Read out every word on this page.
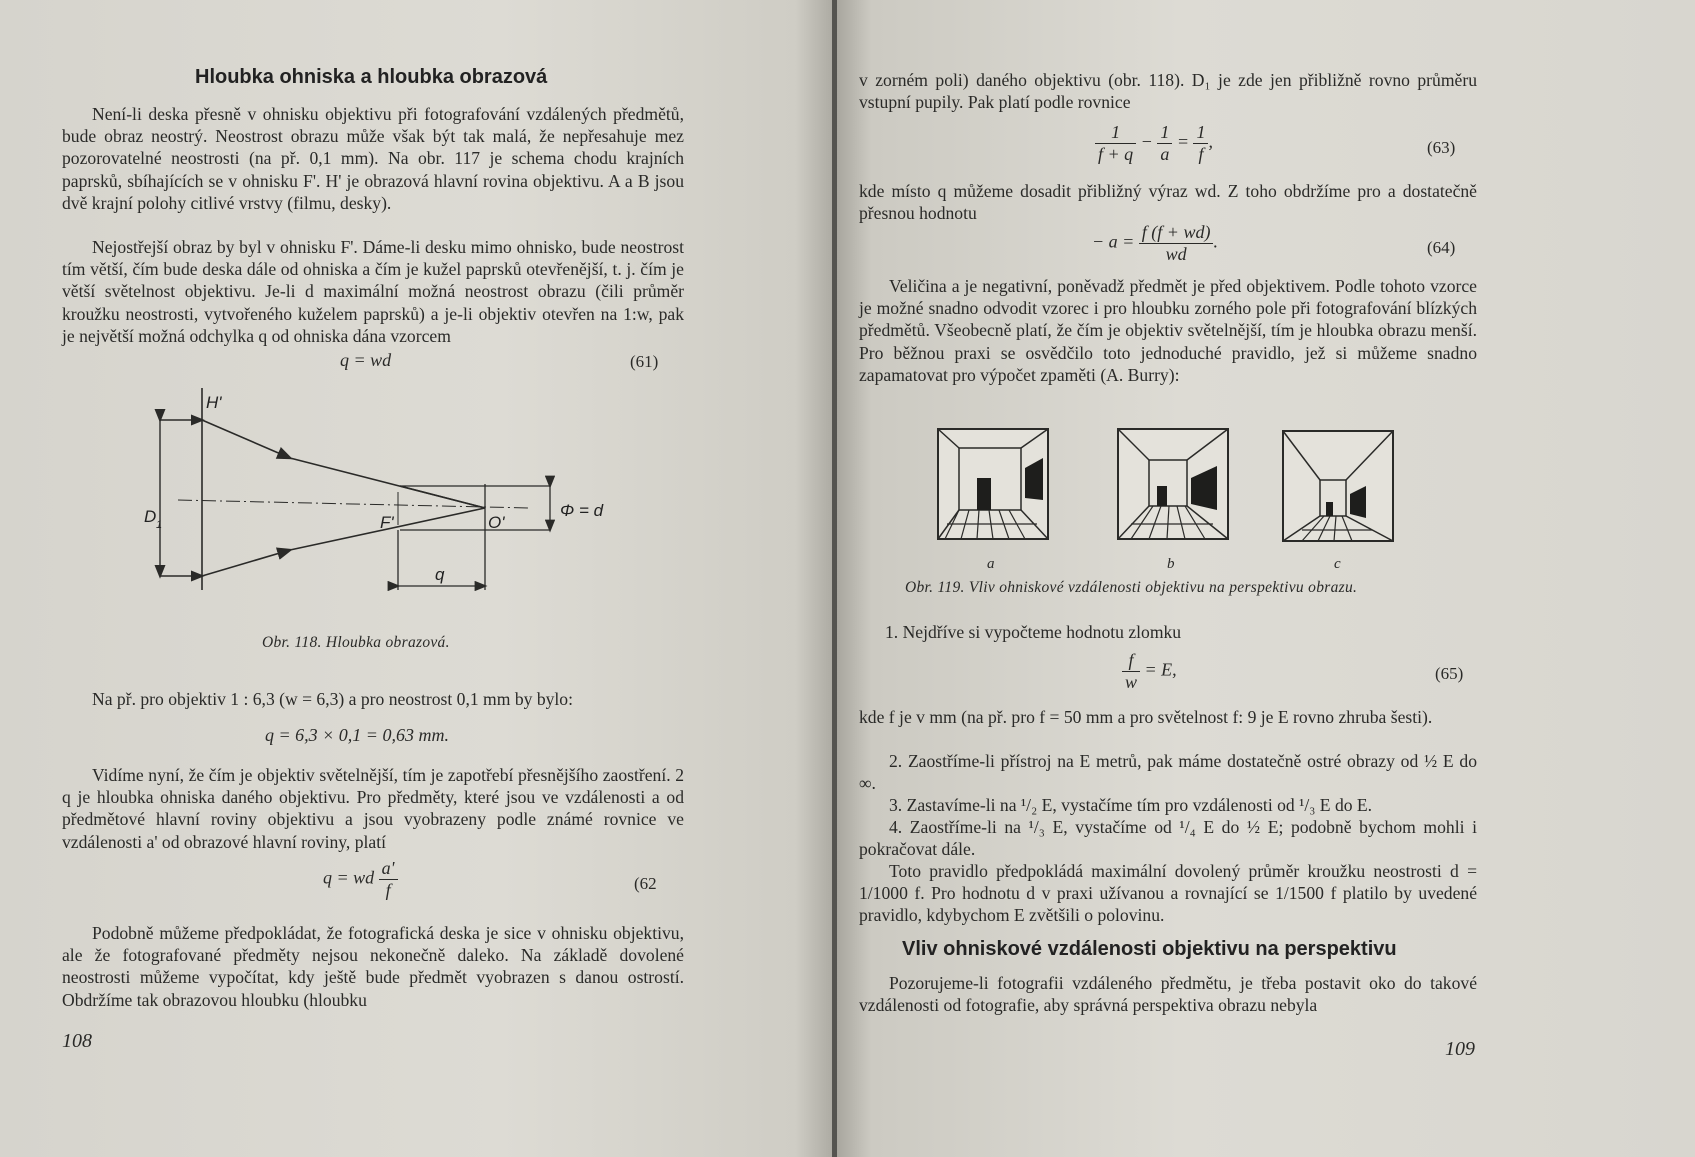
Hloubka ohniska a hloubka obrazová

Není-li deska přesně v ohnisku objektivu při fotografování vzdálených předmětů, bude obraz neostrý. Neostrost obrazu může však být tak malá, že nepřesahuje mez pozorovatelné neostrosti (na př. 0,1 mm). Na obr. 117 je schema chodu krajních paprsků, sbíhajících se v ohnisku F'. H' je obrazová hlavní rovina objektivu. A a B jsou dvě krajní polohy citlivé vrstvy (filmu, desky).

Nejostřejší obraz by byl v ohnisku F'. Dáme-li desku mimo ohnisko, bude neostrost tím větší, čím bude deska dále od ohniska a čím je kužel paprsků otevřenější, t. j. čím je větší světelnost objektivu. Je-li d maximální možná neostrost obrazu (čili průměr kroužku neostrosti, vytvořeného kuželem paprsků) a je-li objektiv otevřen na 1:w, pak je největší možná odchylka q od ohniska dána vzorcem

q = wd	(61)
H'
D 1	F'	O'
Φ = d
q
Obr. 118. Hloubka obrazová.

Na př. pro objektiv 1 : 6,3 (w = 6,3) a pro neostrost 0,1 mm by bylo:

q = 6,3 × 0,1 = 0,63 mm.

Vidíme nyní, že čím je objektiv světelnější, tím je zapotřebí přesnějšího zaostření. 2 q je hloubka ohniska daného objektivu. Pro předměty, které jsou ve vzdálenosti a od předmětové hlavní roviny objektivu a jsou vyobrazeny podle známé rovnice ve vzdálenosti a' od obrazové hlavní roviny, platí

q = wd $\frac{a'}{f}$	(62

Podobně můžeme předpokládat, že fotografická deska je sice v ohnisku objektivu, ale že fotografované předměty nejsou nekonečně daleko. Na základě dovolené neostrosti můžeme vypočítat, kdy ještě bude předmět vyobrazen s danou ostrostí. Obdržíme tak obrazovou hloubku (hloubku

108

v zorném poli) daného objektivu (obr. 118). D₁ je zde jen přibližně rovno průměru vstupní pupily. Pak platí podle rovnice

$\frac{1}{f + q} - \frac{1}{a} = \frac{1}{f}$ ,	(63)

kde místo q můžeme dosadit přibližný výraz wd. Z toho obdržíme pro a dostatečně přesnou hodnotu

− $a = \frac{f (f + wd)}{wd}$ .	(64)

Veličina a je negativní, poněvadž předmět je před objektivem. Podle tohoto vzorce je možné snadno odvodit vzorec i pro hloubku zorného pole při fotografování blízkých předmětů. Všeobecně platí, že čím je objektiv světelnější, tím je hloubka obrazu menší. Pro běžnou praxi se osvědčilo toto jednoduché pravidlo, jež si můžeme snadno zapamatovat pro výpočet zpaměti (A. Burry):

a	b	c
Obr. 119. Vliv ohniskové vzdálenosti objektivu na perspektivu obrazu.

1. Nejdříve si vypočteme hodnotu zlomku

$\frac{f}{w} = E$,	(65)

kde f je v mm (na př. pro f = 50 mm a pro světelnost f: 9 je E rovno zhruba šesti).

2. Zaostříme-li přístroj na E metrů, pak máme dostatečně ostré obrazy od ½ E do ∞.

3. Zastavíme-li na ¹/₂ E, vystačíme tím pro vzdálenosti od ¹/₃ E do E.

4. Zaostříme-li na ¹/₃ E, vystačíme od ¹/₄ E do ½ E; podobně bychom mohli i pokračovat dále.

Toto pravidlo předpokládá maximální dovolený průměr kroužku neostrosti d = 1/1000 f. Pro hodnotu d v praxi užívanou a rovnající se 1/1500 f platilo by uvedené pravidlo, kdybychom E zvětšili o polovinu.

Vliv ohniskové vzdálenosti objektivu na perspektivu

Pozorujeme-li fotografii vzdáleného předmětu, je třeba postavit oko do takové vzdálenosti od fotografie, aby správná perspektiva obrazu nebyla

109
